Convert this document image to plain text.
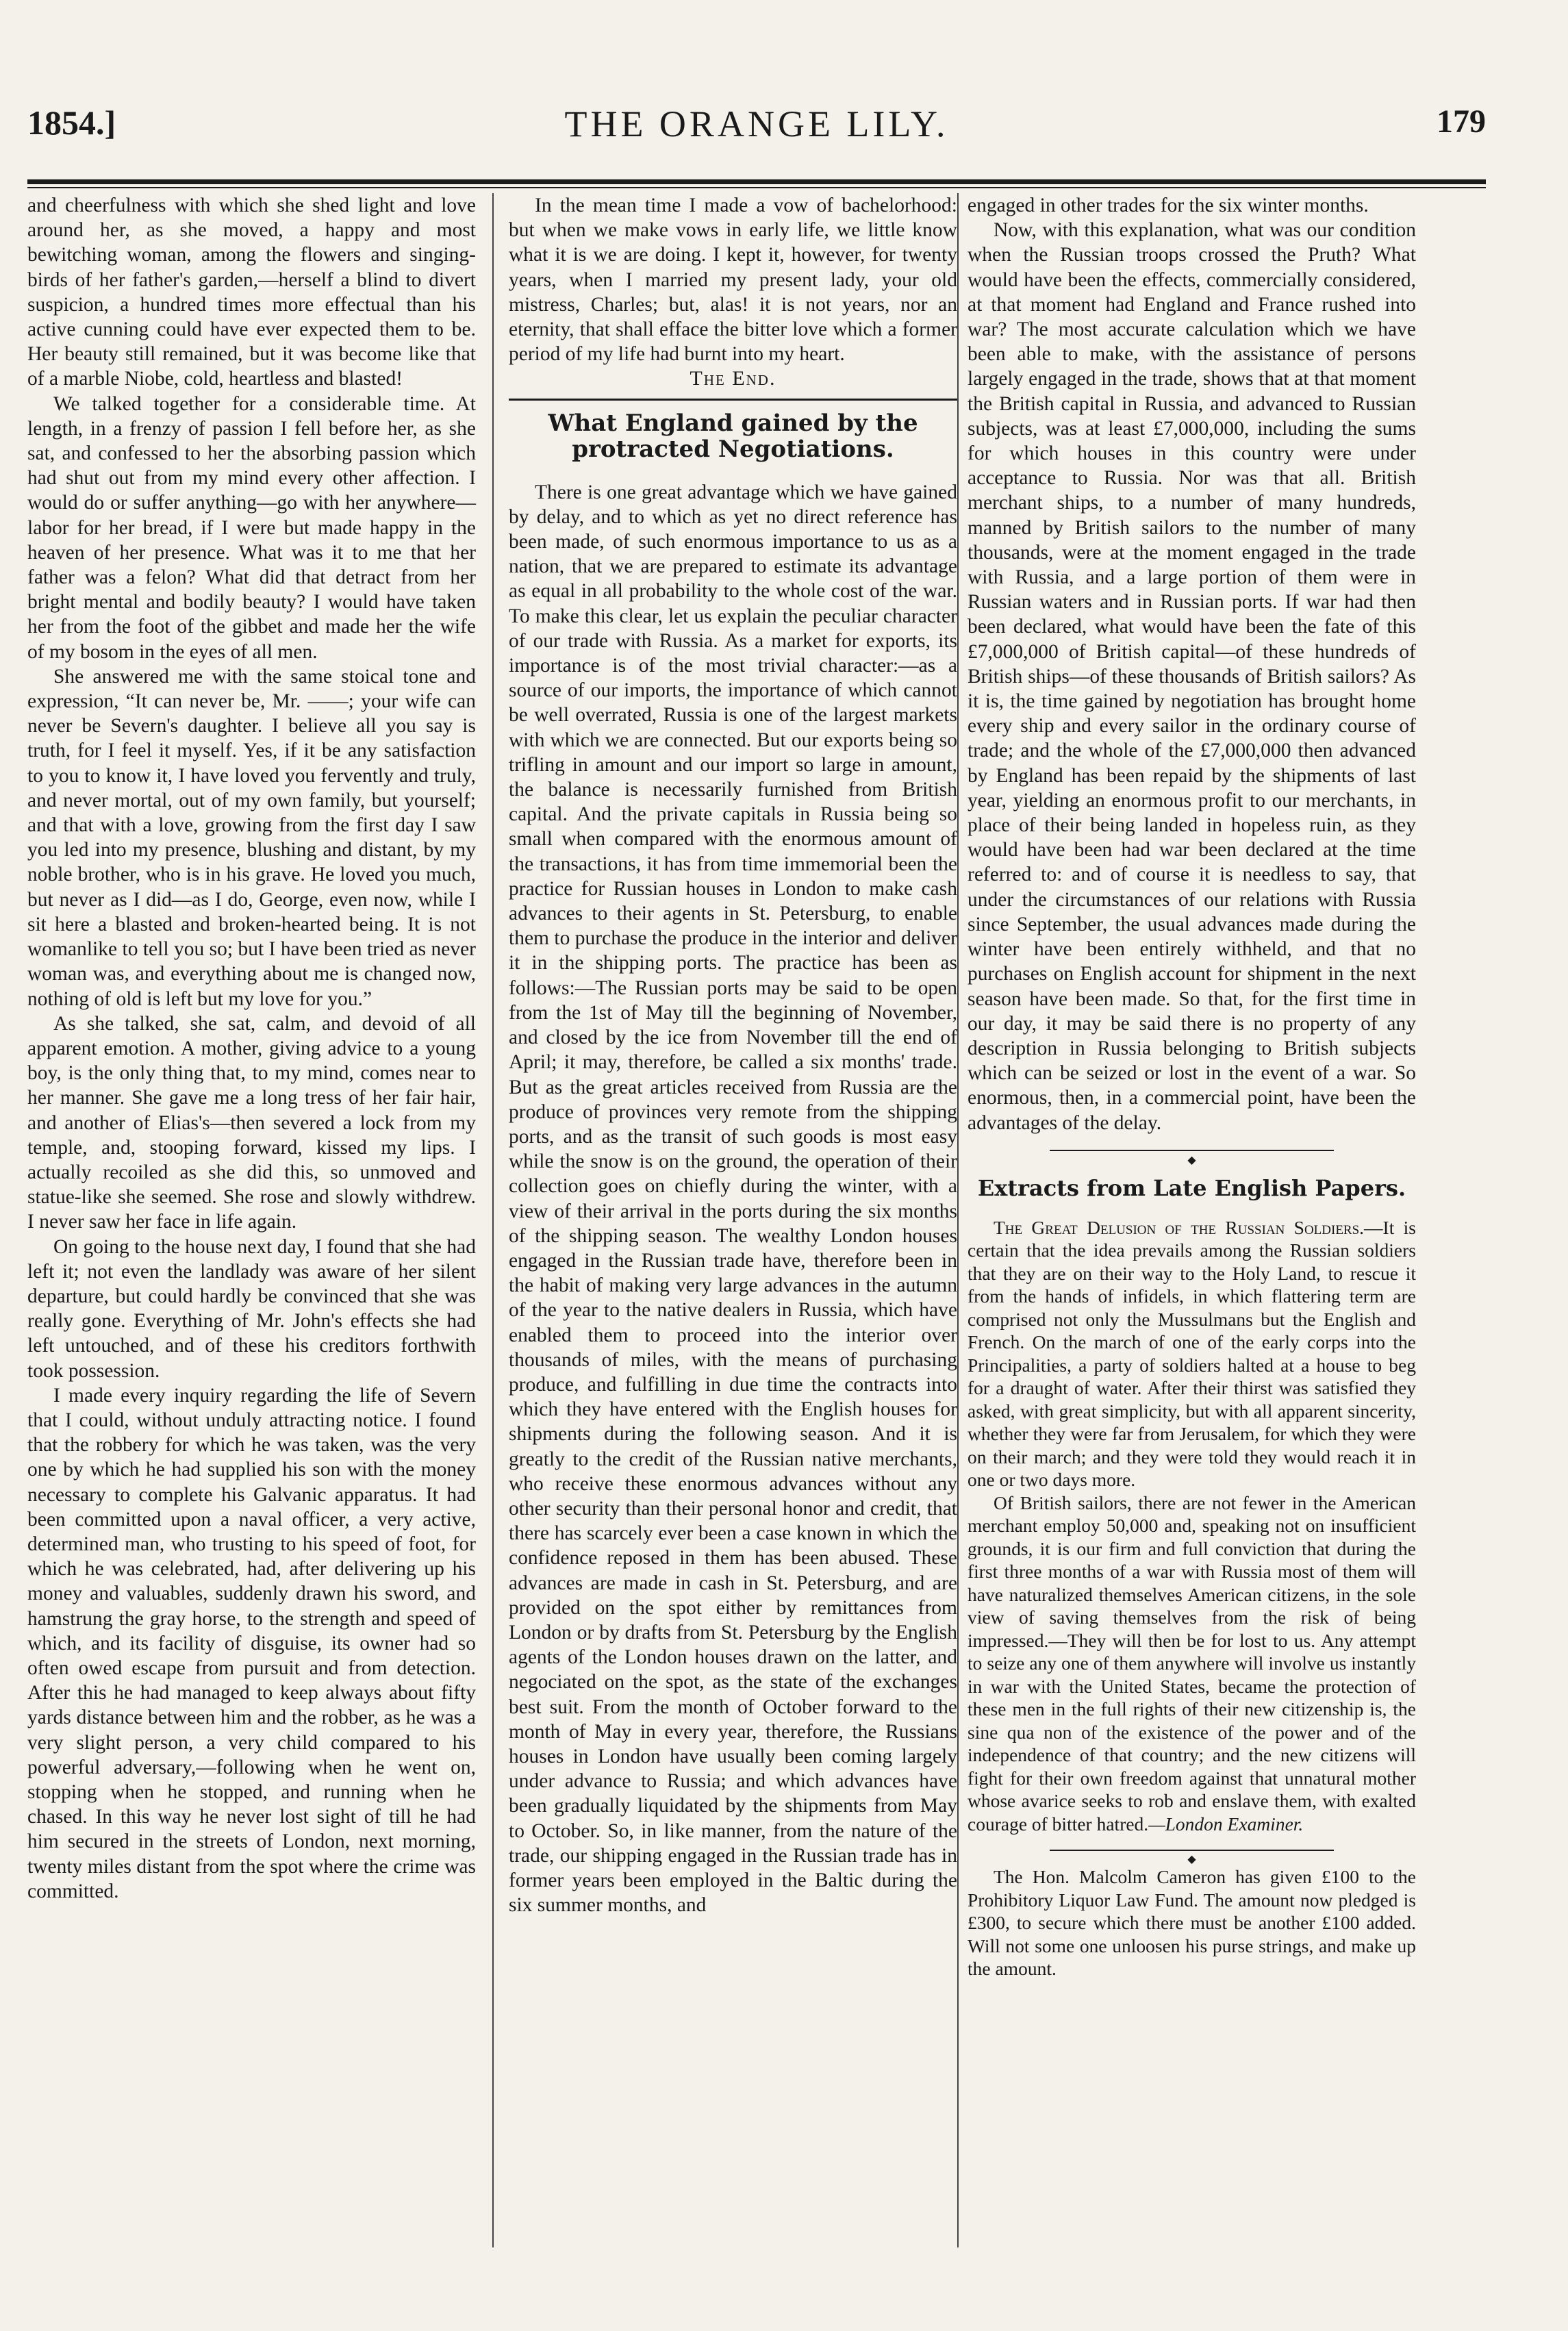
1854.]	THE ORANGE LILY.	179

and cheerfulness with which she shed light and love around her, as she moved, a happy and most bewitching woman, among the flowers and singing-birds of her father's garden,—herself a blind to divert suspicion, a hundred times more effectual than his active cunning could have ever expected them to be. Her beauty still remained, but it was become like that of a marble Niobe, cold, heartless and blasted!

We talked together for a considerable time. At length, in a frenzy of passion I fell before her, as she sat, and confessed to her the absorbing passion which had shut out from my mind every other affection. I would do or suffer anything—go with her anywhere—labor for her bread, if I were but made happy in the heaven of her presence. What was it to me that her father was a felon? What did that detract from her bright mental and bodily beauty? I would have taken her from the foot of the gibbet and made her the wife of my bosom in the eyes of all men.

She answered me with the same stoical tone and expression, “It can never be, Mr. ——; your wife can never be Severn's daughter. I believe all you say is truth, for I feel it myself. Yes, if it be any satisfaction to you to know it, I have loved you fervently and truly, and never mortal, out of my own family, but yourself; and that with a love, growing from the first day I saw you led into my presence, blushing and distant, by my noble brother, who is in his grave. He loved you much, but never as I did—as I do, George, even now, while I sit here a blasted and broken-hearted being. It is not womanlike to tell you so; but I have been tried as never woman was, and everything about me is changed now, nothing of old is left but my love for you.”

As she talked, she sat, calm, and devoid of all apparent emotion. A mother, giving advice to a young boy, is the only thing that, to my mind, comes near to her manner. She gave me a long tress of her fair hair, and another of Elias's—then severed a lock from my temple, and, stooping forward, kissed my lips. I actually recoiled as she did this, so unmoved and statue-like she seemed. She rose and slowly withdrew. I never saw her face in life again.

On going to the house next day, I found that she had left it; not even the landlady was aware of her silent departure, but could hardly be convinced that she was really gone. Everything of Mr. John's effects she had left untouched, and of these his creditors forthwith took possession.

I made every inquiry regarding the life of Severn that I could, without unduly attracting notice. I found that the robbery for which he was taken, was the very one by which he had supplied his son with the money necessary to complete his Galvanic apparatus. It had been committed upon a naval officer, a very active, determined man, who trusting to his speed of foot, for which he was celebrated, had, after delivering up his money and valuables, suddenly drawn his sword, and hamstrung the gray horse, to the strength and speed of which, and its facility of disguise, its owner had so often owed escape from pursuit and from detection. After this he had managed to keep always about fifty yards distance between him and the robber, as he was a very slight person, a very child compared to his powerful adversary,—following when he went on, stopping when he stopped, and running when he chased. In this way he never lost sight of till he had him secured in the streets of London, next morning, twenty miles distant from the spot where the crime was committed.

In the mean time I made a vow of bachelorhood: but when we make vows in early life, we little know what it is we are doing. I kept it, however, for twenty years, when I married my present lady, your old mistress, Charles; but, alas! it is not years, nor an eternity, that shall efface the bitter love which a former period of my life had burnt into my heart.

The End.

What England gained by the protracted Negotiations.

There is one great advantage which we have gained by delay, and to which as yet no direct reference has been made, of such enormous importance to us as a nation, that we are prepared to estimate its advantage as equal in all probability to the whole cost of the war. To make this clear, let us explain the peculiar character of our trade with Russia. As a market for exports, its importance is of the most trivial character:—as a source of our imports, the importance of which cannot be well overrated, Russia is one of the largest markets with which we are connected. But our exports being so trifling in amount and our import so large in amount, the balance is necessarily furnished from British capital. And the private capitals in Russia being so small when compared with the enormous amount of the transactions, it has from time immemorial been the practice for Russian houses in London to make cash advances to their agents in St. Petersburg, to enable them to purchase the produce in the interior and deliver it in the shipping ports. The practice has been as follows:—The Russian ports may be said to be open from the 1st of May till the beginning of November, and closed by the ice from November till the end of April; it may, therefore, be called a six months' trade. But as the great articles received from Russia are the produce of provinces very remote from the shipping ports, and as the transit of such goods is most easy while the snow is on the ground, the operation of their collection goes on chiefly during the winter, with a view of their arrival in the ports during the six months of the shipping season. The wealthy London houses engaged in the Russian trade have, therefore been in the habit of making very large advances in the autumn of the year to the native dealers in Russia, which have enabled them to proceed into the interior over thousands of miles, with the means of purchasing produce, and fulfilling in due time the contracts into which they have entered with the English houses for shipments during the following season. And it is greatly to the credit of the Russian native merchants, who receive these enormous advances without any other security than their personal honor and credit, that there has scarcely ever been a case known in which the confidence reposed in them has been abused. These advances are made in cash in St. Petersburg, and are provided on the spot either by remittances from London or by drafts from St. Petersburg by the English agents of the London houses drawn on the latter, and negociated on the spot, as the state of the exchanges best suit. From the month of October forward to the month of May in every year, therefore, the Russians houses in London have usually been coming largely under advance to Russia; and which advances have been gradually liquidated by the shipments from May to October. So, in like manner, from the nature of the trade, our shipping engaged in the Russian trade has in former years been employed in the Baltic during the six summer months, and

engaged in other trades for the six winter months.

Now, with this explanation, what was our condition when the Russian troops crossed the Pruth? What would have been the effects, commercially considered, at that moment had England and France rushed into war? The most accurate calculation which we have been able to make, with the assistance of persons largely engaged in the trade, shows that at that moment the British capital in Russia, and advanced to Russian subjects, was at least £7,000,000, including the sums for which houses in this country were under acceptance to Russia. Nor was that all. British merchant ships, to a number of many hundreds, manned by British sailors to the number of many thousands, were at the moment engaged in the trade with Russia, and a large portion of them were in Russian waters and in Russian ports. If war had then been declared, what would have been the fate of this £7,000,000 of British capital—of these hundreds of British ships—of these thousands of British sailors? As it is, the time gained by negotiation has brought home every ship and every sailor in the ordinary course of trade; and the whole of the £7,000,000 then advanced by England has been repaid by the shipments of last year, yielding an enormous profit to our merchants, in place of their being landed in hopeless ruin, as they would have been had war been declared at the time referred to: and of course it is needless to say, that under the circumstances of our relations with Russia since September, the usual advances made during the winter have been entirely withheld, and that no purchases on English account for shipment in the next season have been made. So that, for the first time in our day, it may be said there is no property of any description in Russia belonging to British subjects which can be seized or lost in the event of a war. So enormous, then, in a commercial point, have been the advantages of the delay.

◆
Extracts from Late English Papers.

The Great Delusion of the Russian Soldiers.—It is certain that the idea prevails among the Russian soldiers that they are on their way to the Holy Land, to rescue it from the hands of infidels, in which flattering term are comprised not only the Mussulmans but the English and French. On the march of one of the early corps into the Principalities, a party of soldiers halted at a house to beg for a draught of water. After their thirst was satisfied they asked, with great simplicity, but with all apparent sincerity, whether they were far from Jerusalem, for which they were on their march; and they were told they would reach it in one or two days more.

Of British sailors, there are not fewer in the American merchant employ 50,000 and, speaking not on insufficient grounds, it is our firm and full conviction that during the first three months of a war with Russia most of them will have naturalized themselves American citizens, in the sole view of saving themselves from the risk of being impressed.—They will then be for lost to us. Any attempt to seize any one of them anywhere will involve us instantly in war with the United States, became the protection of these men in the full rights of their new citizenship is, the sine qua non of the existence of the power and of the independence of that country; and the new citizens will fight for their own freedom against that unnatural mother whose avarice seeks to rob and enslave them, with exalted courage of bitter hatred.—London Examiner.

◆

The Hon. Malcolm Cameron has given £100 to the Prohibitory Liquor Law Fund. The amount now pledged is £300, to secure which there must be another £100 added. Will not some one unloosen his purse strings, and make up the amount.
